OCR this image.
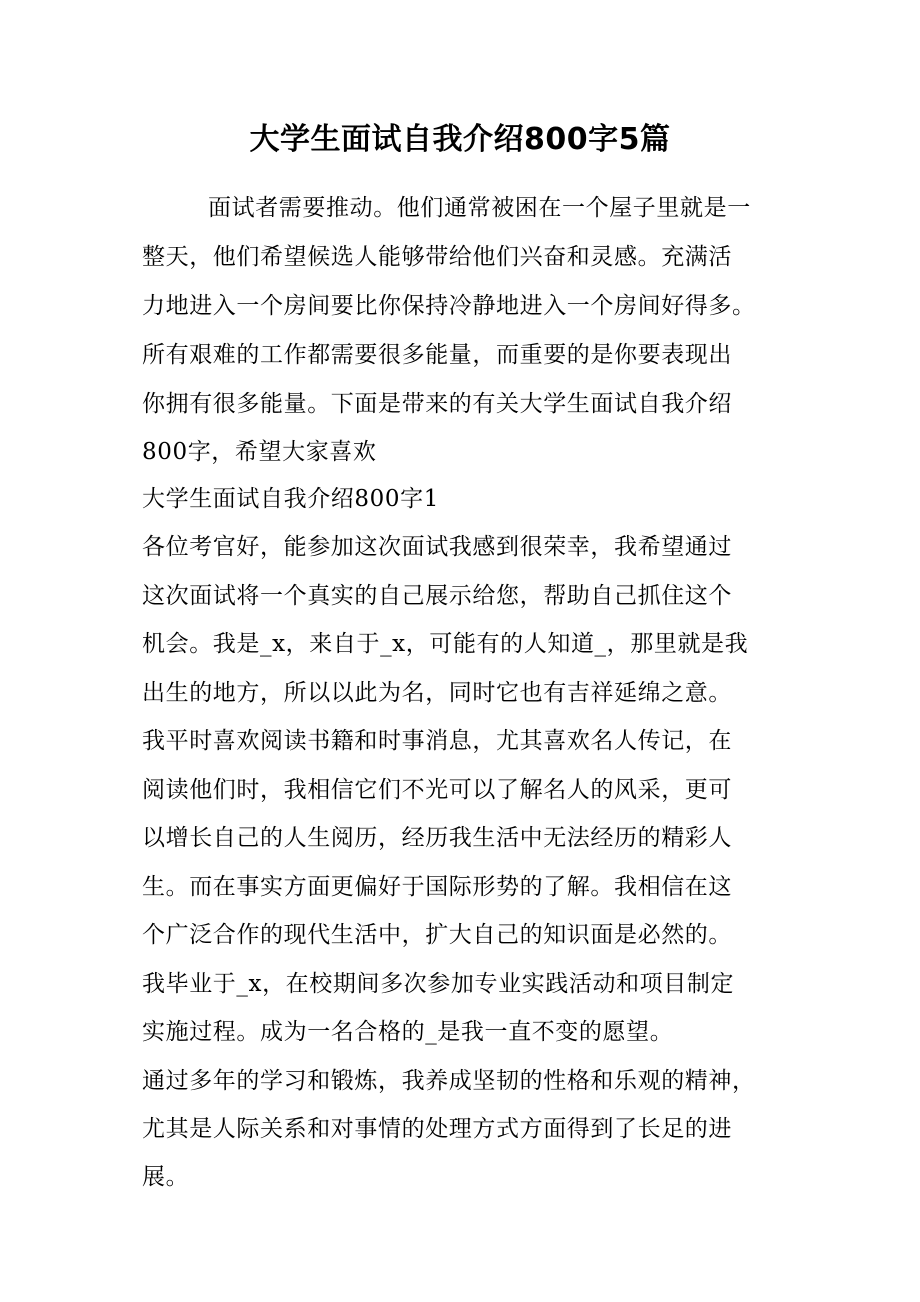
大学生面试自我介绍800字5篇
面试者需要推动。他们通常被困在一个屋子里就是一
整天，他们希望候选人能够带给他们兴奋和灵感。充满活
力地进入一个房间要比你保持冷静地进入一个房间好得多。
所有艰难的工作都需要很多能量，而重要的是你要表现出
你拥有很多能量。下面是带来的有关大学生面试自我介绍
800字，希望大家喜欢
大学生面试自我介绍800字1
各位考官好，能参加这次面试我感到很荣幸，我希望通过
这次面试将一个真实的自己展示给您，帮助自己抓住这个
机会。我是_x，来自于_x，可能有的人知道_，那里就是我
出生的地方，所以以此为名，同时它也有吉祥延绵之意。
我平时喜欢阅读书籍和时事消息，尤其喜欢名人传记，在
阅读他们时，我相信它们不光可以了解名人的风采，更可
以增长自己的人生阅历，经历我生活中无法经历的精彩人
生。而在事实方面更偏好于国际形势的了解。我相信在这
个广泛合作的现代生活中，扩大自己的知识面是必然的。
我毕业于_x，在校期间多次参加专业实践活动和项目制定
实施过程。成为一名合格的_是我一直不变的愿望。
通过多年的学习和锻炼，我养成坚韧的性格和乐观的精神，
尤其是人际关系和对事情的处理方式方面得到了长足的进
展。
